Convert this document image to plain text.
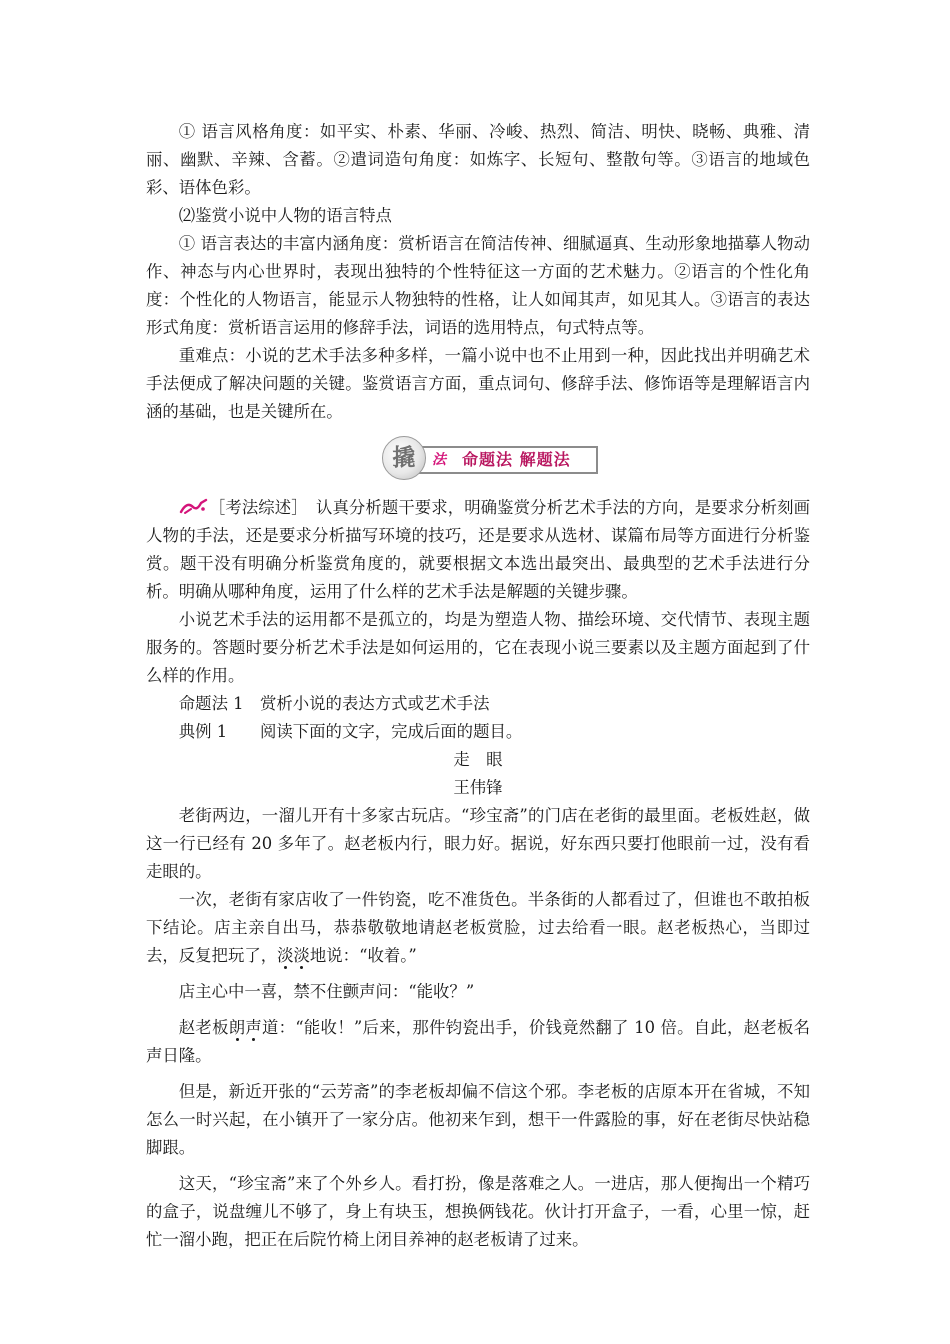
① 语言风格角度：如平实、朴素、华丽、冷峻、热烈、简洁、明快、晓畅、典雅、清丽、幽默、辛辣、含蓄。②遣词造句角度：如炼字、长短句、整散句等。③语言的地域色彩、语体色彩。

⑵鉴赏小说中人物的语言特点

① 语言表达的丰富内涵角度：赏析语言在简洁传神、细腻逼真、生动形象地描摹人物动作、神态与内心世界时，表现出独特的个性特征这一方面的艺术魅力。②语言的个性化角度：个性化的人物语言，能显示人物独特的性格，让人如闻其声，如见其人。③语言的表达形式角度：赏析语言运用的修辞手法，词语的选用特点，句式特点等。

重难点：小说的艺术手法多种多样，一篇小说中也不止用到一种，因此找出并明确艺术手法便成了解决问题的关键。鉴赏语言方面，重点词句、修辞手法、修饰语等是理解语言内涵的基础，也是关键所在。

法	命题法 解题法
撬

［考法综述］　 认真分析题干要求，明确鉴赏分析艺术手法的方向，是要求分析刻画人物的手法，还是要求分析描写环境的技巧，还是要求从选材、谋篇布局等方面进行分析鉴赏。题干没有明确分析鉴赏角度的，就要根据文本选出最突出、最典型的艺术手法进行分析。明确从哪种角度，运用了什么样的艺术手法是解题的关键步骤。

小说艺术手法的运用都不是孤立的，均是为塑造人物、描绘环境、交代情节、表现主题服务的。答题时要分析艺术手法是如何运用的，它在表现小说三要素以及主题方面起到了什么样的作用。

命题法 1　赏析小说的表达方式或艺术手法

典例 1　　阅读下面的文字，完成后面的题目。

走　眼

王伟锋

老街两边，一溜儿开有十多家古玩店。“珍宝斋”的门店在老街的最里面。老板姓赵，做这一行已经有 20 多年了。赵老板内行，眼力好。据说，好东西只要打他眼前一过，没有看走眼的。

一次，老街有家店收了一件钧瓷，吃不准货色。半条街的人都看过了，但谁也不敢拍板下结论。店主亲自出马，恭恭敬敬地请赵老板赏脸，过去给看一眼。赵老板热心，当即过去，反复把玩了，淡淡地说：“收着。”

店主心中一喜，禁不住颤声问：“能收？”

赵老板朗声道：“能收！”后来，那件钧瓷出手，价钱竟然翻了 10 倍。自此，赵老板名声日隆。

但是，新近开张的“云芳斋”的李老板却偏不信这个邪。李老板的店原本开在省城，不知怎么一时兴起，在小镇开了一家分店。他初来乍到，想干一件露脸的事，好在老街尽快站稳脚跟。

这天，“珍宝斋”来了个外乡人。看打扮，像是落难之人。一进店，那人便掏出一个精巧的盒子，说盘缠儿不够了，身上有块玉，想换俩钱花。伙计打开盒子，一看，心里一惊，赶忙一溜小跑，把正在后院竹椅上闭目养神的赵老板请了过来。
